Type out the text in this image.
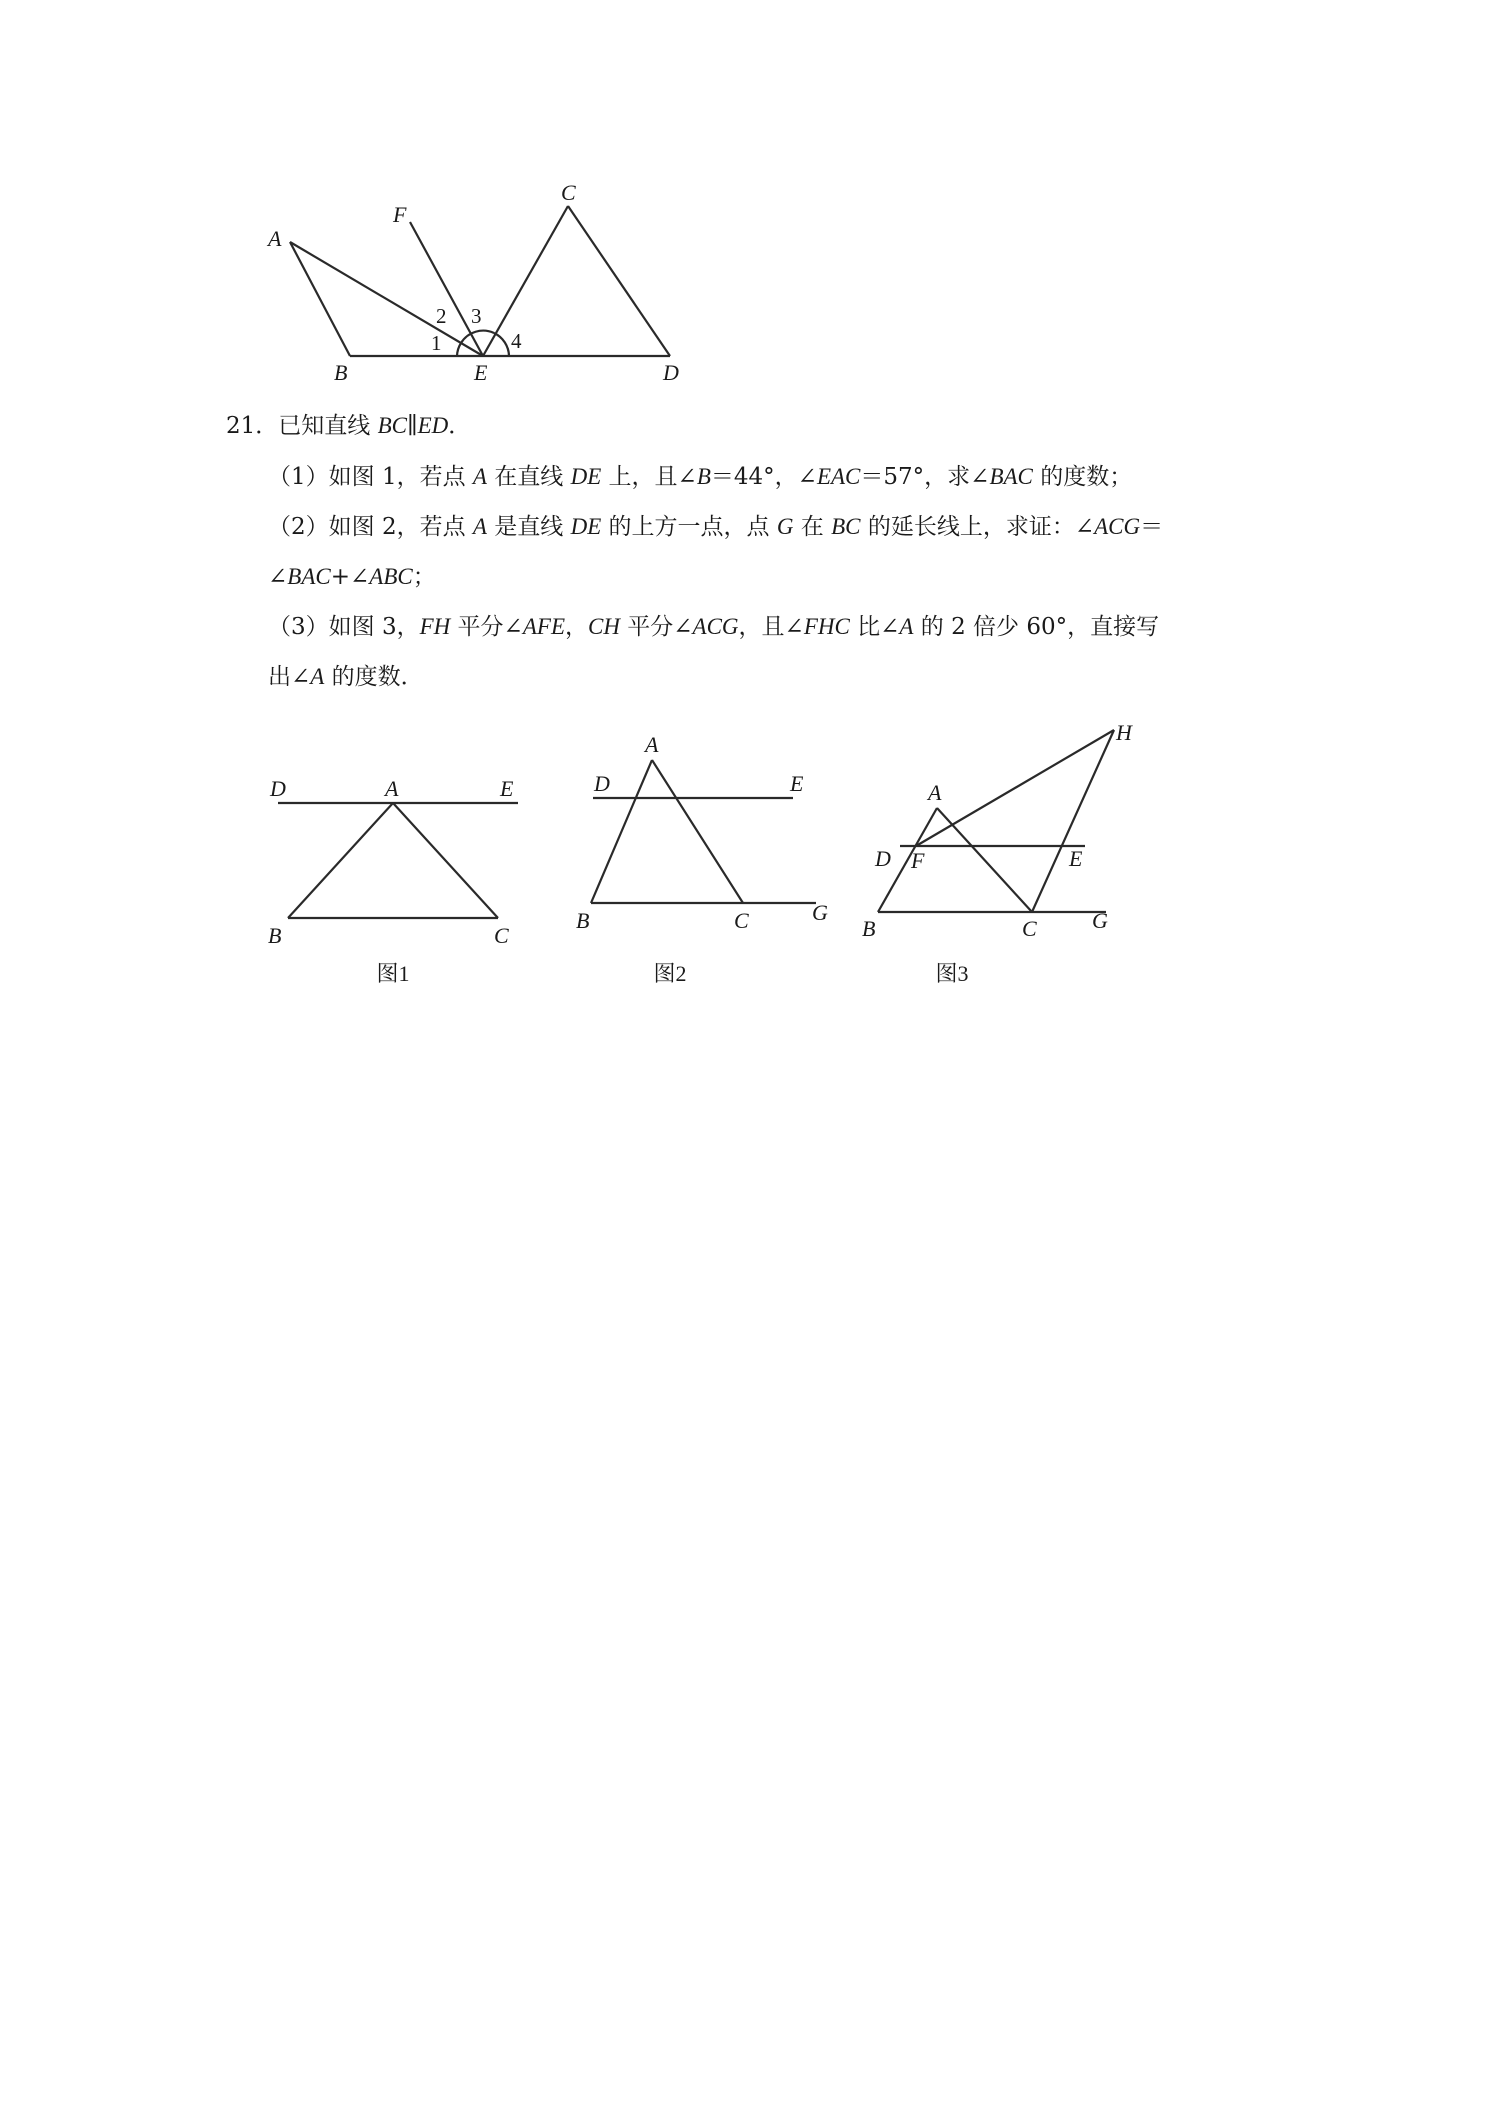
A
F
C
B	E	D
1
2 3
4
21．已知直线 BC∥ED．
（1）如图 1，若点 A 在直线 DE 上，且∠B＝44°，∠EAC＝57°，求∠BAC 的度数；
（2）如图 2，若点 A 是直线 DE 的上方一点，点 G 在 BC 的延长线上，求证：∠ACG＝
∠BAC+∠ABC；
（3）如图 3，FH 平分∠AFE，CH 平分∠ACG，且∠FHC 比∠A 的 2 倍少 60°，直接写
出∠A 的度数．
D	A	E
B	C
A
D	E
B	C	G
H
A
D F	E
B	C	G
图1	图2	图3
